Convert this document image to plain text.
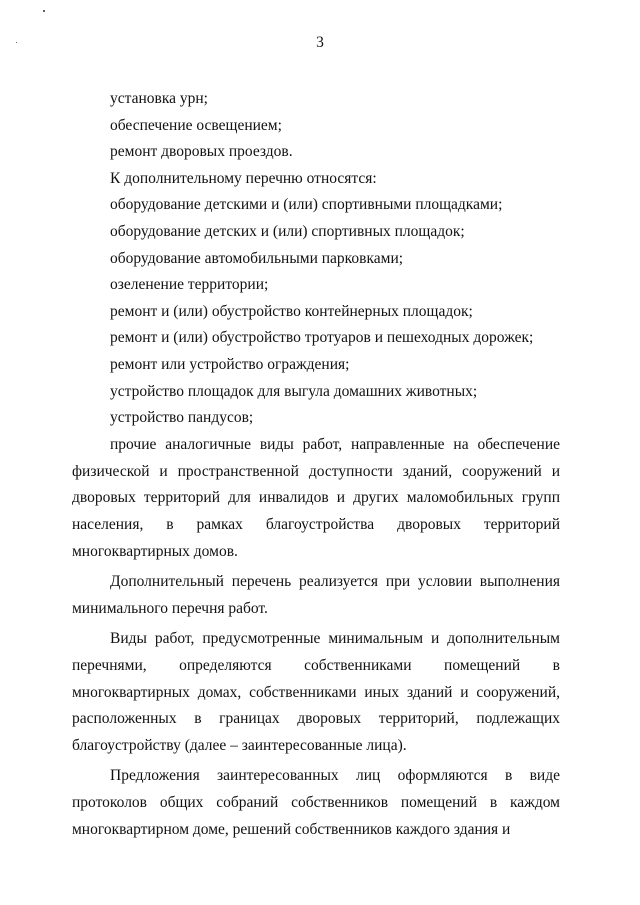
3
установка урн;
обеспечение освещением;
ремонт дворовых проездов.
К дополнительному перечню относятся:
оборудование детскими и (или) спортивными площадками;
оборудование детских и (или) спортивных площадок;
оборудование автомобильными парковками;
озеленение территории;
ремонт и (или) обустройство контейнерных площадок;
ремонт и (или) обустройство тротуаров и пешеходных дорожек;
ремонт или устройство ограждения;
устройство площадок для выгула домашних животных;
устройство пандусов;

прочие аналогичные виды работ, направленные на обеспечение физической и пространственной доступности зданий, сооружений и дворовых территорий для инвалидов и других маломобильных групп населения, в рамках благоустройства дворовых территорий многоквартирных домов.

Дополнительный перечень реализуется при условии выполнения минимального перечня работ.

Виды работ, предусмотренные минимальным и дополнительным перечнями, определяются собственниками помещений в многоквартирных домах, собственниками иных зданий и сооружений, расположенных в границах дворовых территорий, подлежащих благоустройству (далее – заинтересованные лица).

Предложения заинтересованных лиц оформляются в виде протоколов общих собраний собственников помещений в каждом многоквартирном доме, решений собственников каждого здания и
